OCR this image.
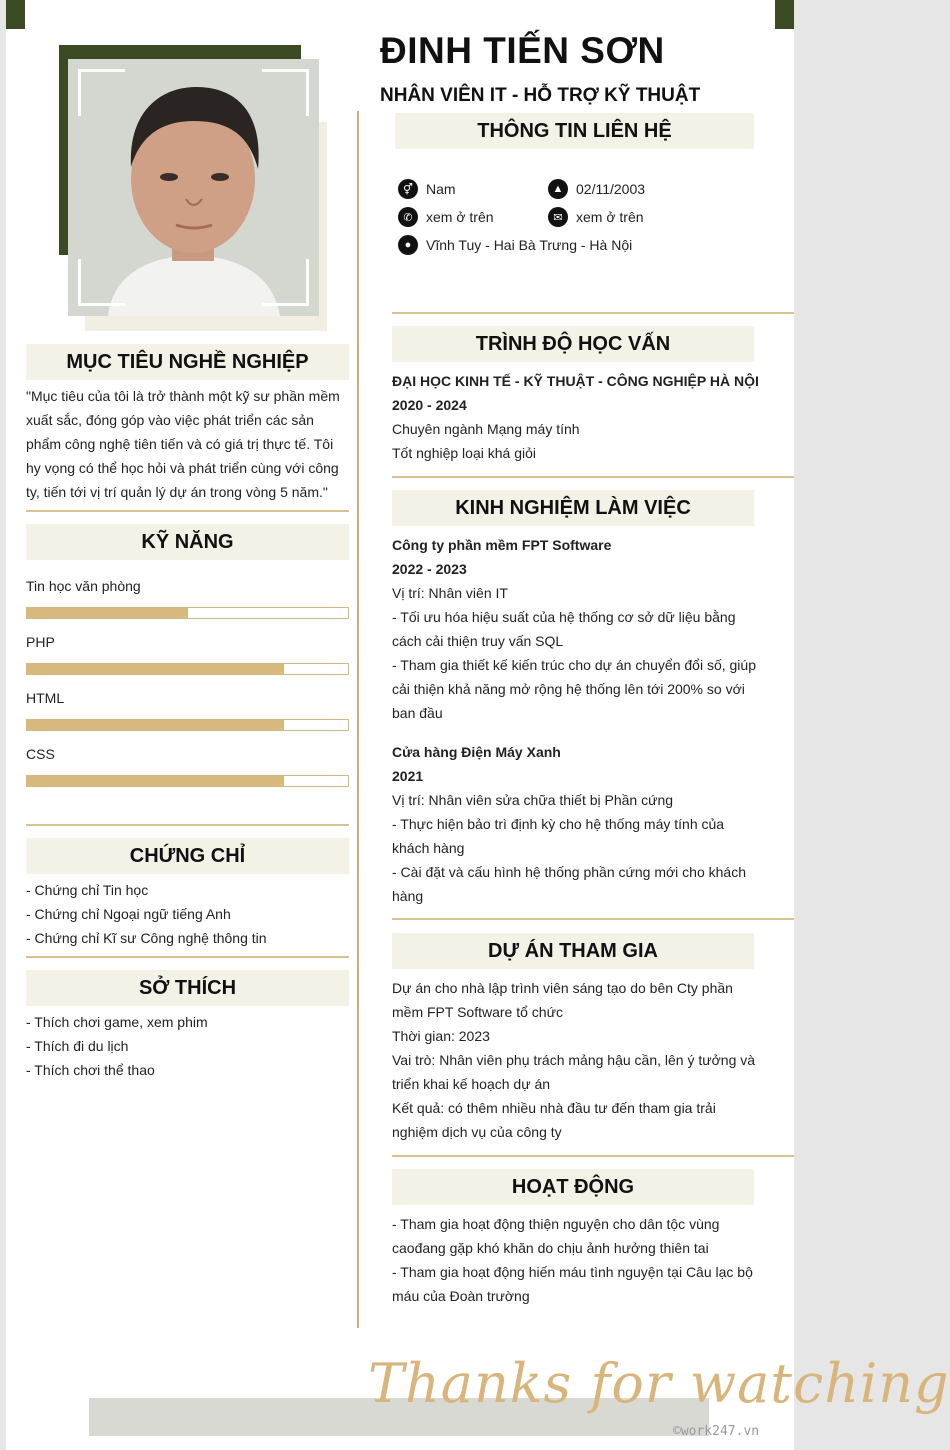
ĐINH TIẾN SƠN
NHÂN VIÊN IT - HỖ TRỢ KỸ THUẬT
MỤC TIÊU NGHỀ NGHIỆP
"Mục tiêu của tôi là trở thành một kỹ sư phần mềm
xuất sắc, đóng góp vào việc phát triển các sản
phẩm công nghệ tiên tiến và có giá trị thực tế. Tôi
hy vọng có thể học hỏi và phát triển cùng với công
ty, tiến tới vị trí quản lý dự án trong vòng 5 năm."
KỸ NĂNG
Tin học văn phòng
PHP
HTML
CSS
CHỨNG CHỈ
- Chứng chỉ Tin học
- Chứng chỉ Ngoại ngữ tiếng Anh
- Chứng chỉ Kĩ sư Công nghệ thông tin
SỞ THÍCH
- Thích chơi game, xem phim
- Thích đi du lịch
- Thích chơi thể thao
THÔNG TIN LIÊN HỆ
⚥ Nam	▲ 02/11/2003
✆ xem ở trên	✉ xem ở trên
●	Vĩnh Tuy - Hai Bà Trưng - Hà Nội
TRÌNH ĐỘ HỌC VẤN
ĐẠI HỌC KINH TẾ - KỸ THUẬT - CÔNG NGHIỆP HÀ NỘI
2020 - 2024
Chuyên ngành Mạng máy tính
Tốt nghiệp loại khá giỏi
KINH NGHIỆM LÀM VIỆC
Công ty phần mềm FPT Software
2022 - 2023
Vị trí: Nhân viên IT
- Tối ưu hóa hiệu suất của hệ thống cơ sở dữ liệu bằng
cách cải thiện truy vấn SQL
- Tham gia thiết kế kiến trúc cho dự án chuyển đổi số, giúp
cải thiện khả năng mở rộng hệ thống lên tới 200% so với
ban đầu
Cửa hàng Điện Máy Xanh
2021
Vị trí: Nhân viên sửa chữa thiết bị Phần cứng
- Thực hiện bảo trì định kỳ cho hệ thống máy tính của
khách hàng
- Cài đặt và cấu hình hệ thống phần cứng mới cho khách
hàng
DỰ ÁN THAM GIA
Dự án cho nhà lập trình viên sáng tạo do bên Cty phần
mềm FPT Software tổ chức
Thời gian: 2023
Vai trò: Nhân viên phụ trách mảng hậu cần, lên ý tưởng và
triển khai kế hoạch dự án
Kết quả: có thêm nhiều nhà đầu tư đến tham gia trải
nghiệm dịch vụ của công ty
HOẠT ĐỘNG
- Tham gia hoạt động thiện nguyện cho dân tộc vùng
caođang gặp khó khăn do chịu ảnh hưởng thiên tai
- Tham gia hoạt động hiến máu tình nguyện tại Câu lạc bộ
máu của Đoàn trường
Thanks for watching
©work247.vn
